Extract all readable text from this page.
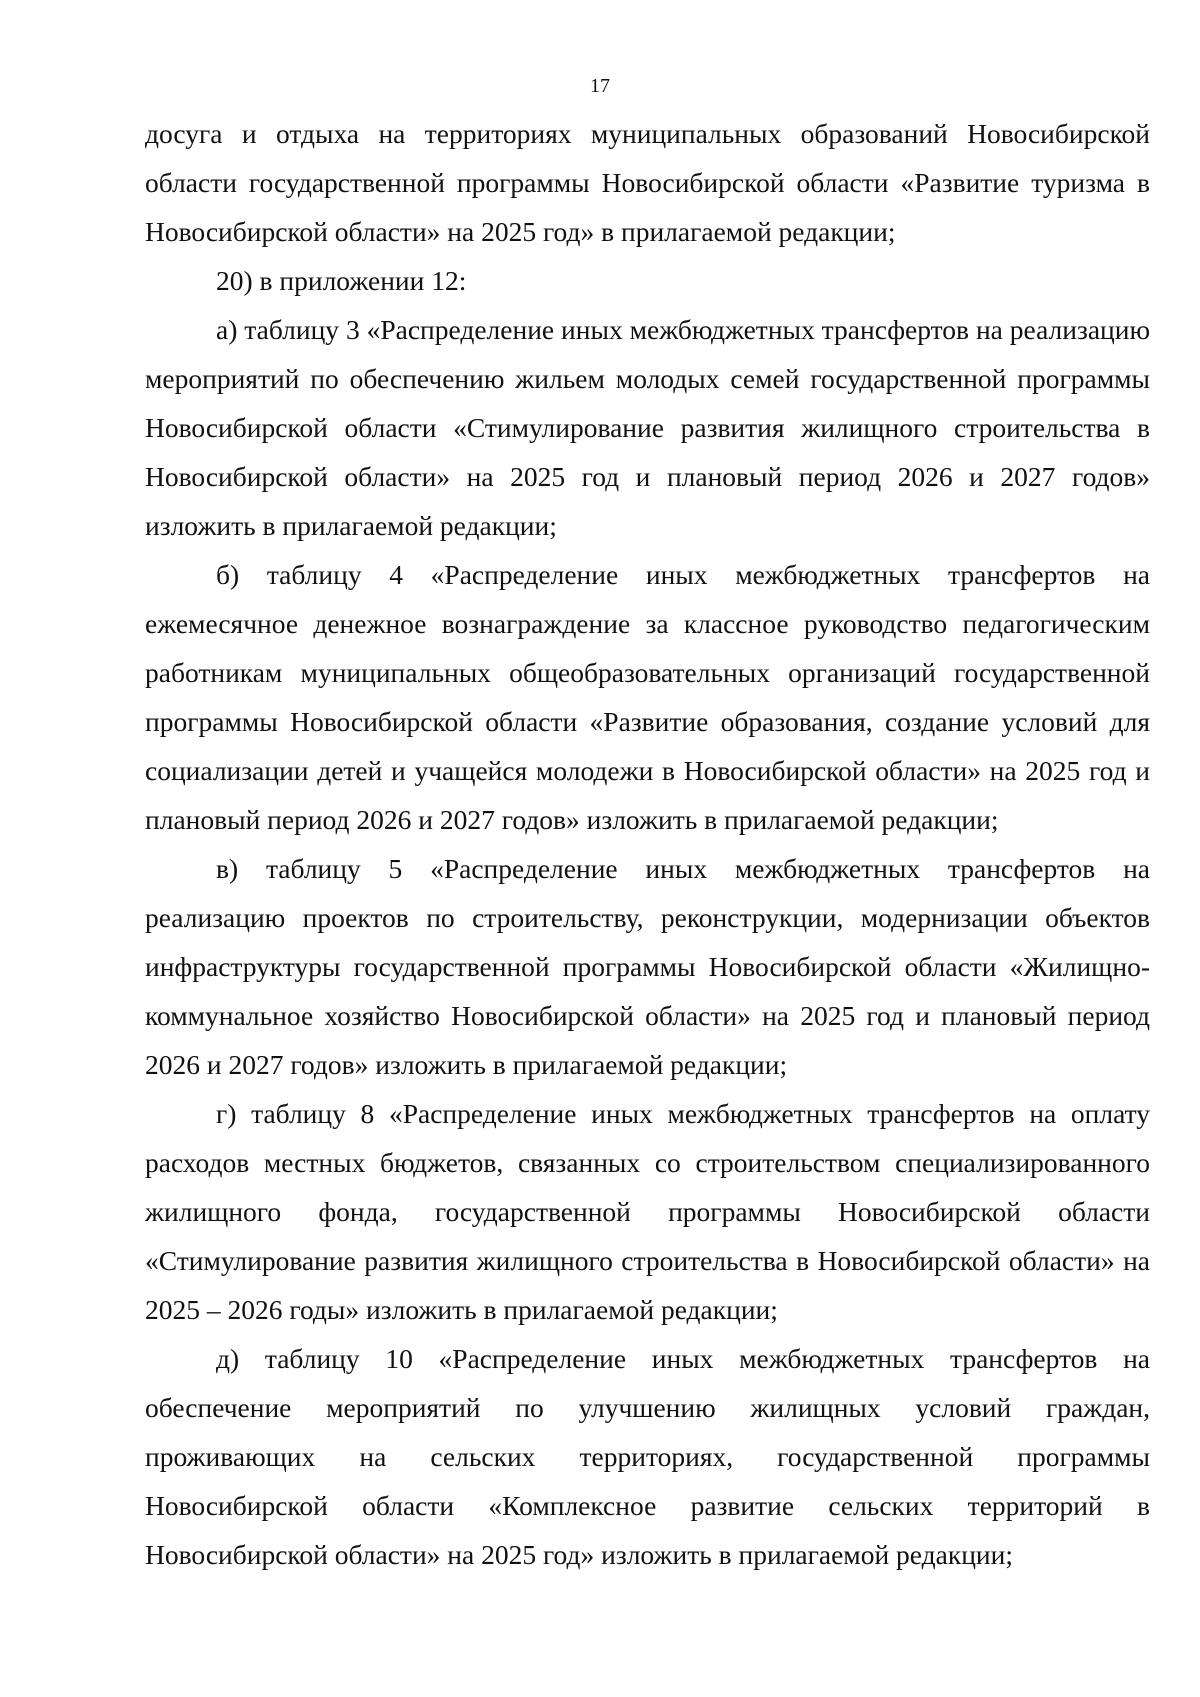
17

досуга и отдыха на территориях муниципальных образований Новосибирской области государственной программы Новосибирской области «Развитие туризма в Новосибирской области» на 2025 год» в прилагаемой редакции;

20) в приложении 12:

а) таблицу 3 «Распределение иных межбюджетных трансфертов на реализацию мероприятий по обеспечению жильем молодых семей государственной программы Новосибирской области «Стимулирование развития жилищного строительства в Новосибирской области» на 2025 год и плановый период 2026 и 2027 годов» изложить в прилагаемой редакции;

б) таблицу 4 «Распределение иных межбюджетных трансфертов на ежемесячное денежное вознаграждение за классное руководство педагогическим работникам муниципальных общеобразовательных организаций государственной программы Новосибирской области «Развитие образования, создание условий для социализации детей и учащейся молодежи в Новосибирской области» на 2025 год и плановый период 2026 и 2027 годов» изложить в прилагаемой редакции;

в) таблицу 5 «Распределение иных межбюджетных трансфертов на реализацию проектов по строительству, реконструкции, модернизации объектов инфраструктуры государственной программы Новосибирской области «Жилищно-коммунальное хозяйство Новосибирской области» на 2025 год и плановый период 2026 и 2027 годов» изложить в прилагаемой редакции;

г) таблицу 8 «Распределение иных межбюджетных трансфертов на оплату расходов местных бюджетов, связанных со строительством специализированного жилищного фонда, государственной программы Новосибирской области «Стимулирование развития жилищного строительства в Новосибирской области» на 2025 – 2026 годы» изложить в прилагаемой редакции;

д) таблицу 10 «Распределение иных межбюджетных трансфертов на обеспечение мероприятий по улучшению жилищных условий граждан, проживающих на сельских территориях, государственной программы Новосибирской области «Комплексное развитие сельских территорий в Новосибирской области» на 2025 год» изложить в прилагаемой редакции;
